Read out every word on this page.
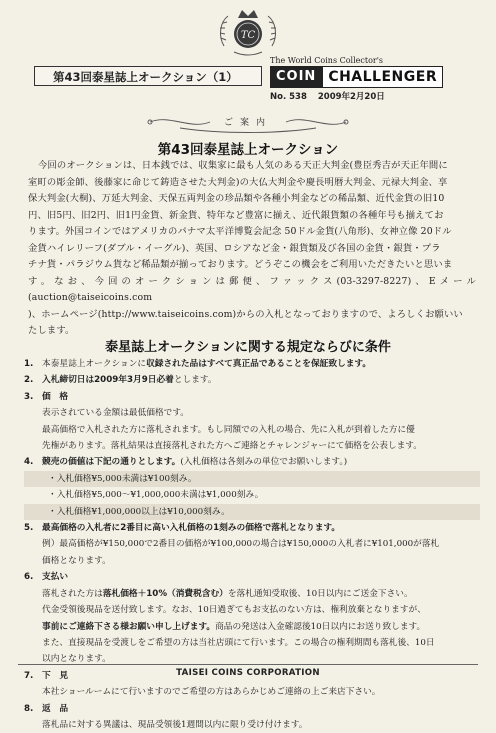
TC
第43回泰星誌上オークション（1）
The World Coins Collector's
COIN CHALLENGER
No. 538 2009年2月20日
ご案内
第43回泰星誌上オークション

今回のオークションは、日本銭では、収集家に最も人気のある天正大判金(豊臣秀吉が天正年間に

室町の彫金師、後藤家に命じて鋳造させた大判金)の大仏大判金や慶長明暦大判金、元禄大判金、享

保大判金(大桐)、万延大判金、天保五両判金の珍品類や各種小判金などの稀品類、近代金貨の旧10

円、旧5円、旧2円、旧1円金貨、新金貨、特年など豊富に揃え、近代銀貨類の各種年号も揃えてお

ります。外国コインではアメリカのパナマ太平洋博覧会記念 50ドル金貨(八角形)、女神立像 20ドル

金貨ハイレリーフ(ダブル・イーグル)、英国、ロシアなど金・銀貨類及び各国の金貨・銀貨・プラ

チナ貨・パラジウム貨など稀品類が揃っております。どうぞこの機会をご利用いただきたいと思いま

す。なお、今回のオークションは郵便、ファックス(03-3297-8227)、Eメール(auction@taiseicoins.com

)、ホームページ(http://www.taiseicoins.com)からの入札となっておりますので、よろしくお願いい

たします。

泰星誌上オークションに関する規定ならびに条件
1. 本泰星誌上オークションに収録された品はすべて真正品であることを保証致します。
2. 入札締切日は2009年3月9日必着とします。
3. 価　格
表示されている金額は最低価格です。
最高価格で入札された方に落札されます。もし同額での入札の場合、先に入札が到着した方に優
先権があります。落札結果は直接落札された方へご連絡とチャレンジャーにて価格を公表します。
4. 競売の価値は下記の通りとします。(入札価格は各刻みの単位でお願いします。)
・入札価格¥5,000未満は¥100刻み。
・入札価格¥5,000〜¥1,000,000未満は¥1,000刻み。
・入札価格¥1,000,000以上は¥10,000刻み。
5. 最高価格の入札者に2番目に高い入札価格の1刻みの価格で落札となります。
例）最高価格が¥150,000で2番目の価格が¥100,000の場合は¥150,000の入札者に¥101,000が落札
価格となります。
6. 支払い
落札された方は落札価格＋10%（消費税含む）を落札通知受取後、10日以内にご送金下さい。
代金受領後現品を送付致します。なお、10日過ぎてもお支払のない方は、権利放棄となりますが、
事前にご連絡下さる様お願い申し上げます。商品の発送は入金確認後10日以内にお送り致します。
また、直接現品を受渡しをご希望の方は当社店頭にて行います。この場合の権利期間も落札後、10日
以内となります。
7. 下　見
本社ショールームにて行いますのでご希望の方はあらかじめご連絡の上ご来店下さい。
8. 返　品
落札品に対する異議は、現品受領後1週間以内に限り受け付けます。
TAISEI COINS CORPORATION
